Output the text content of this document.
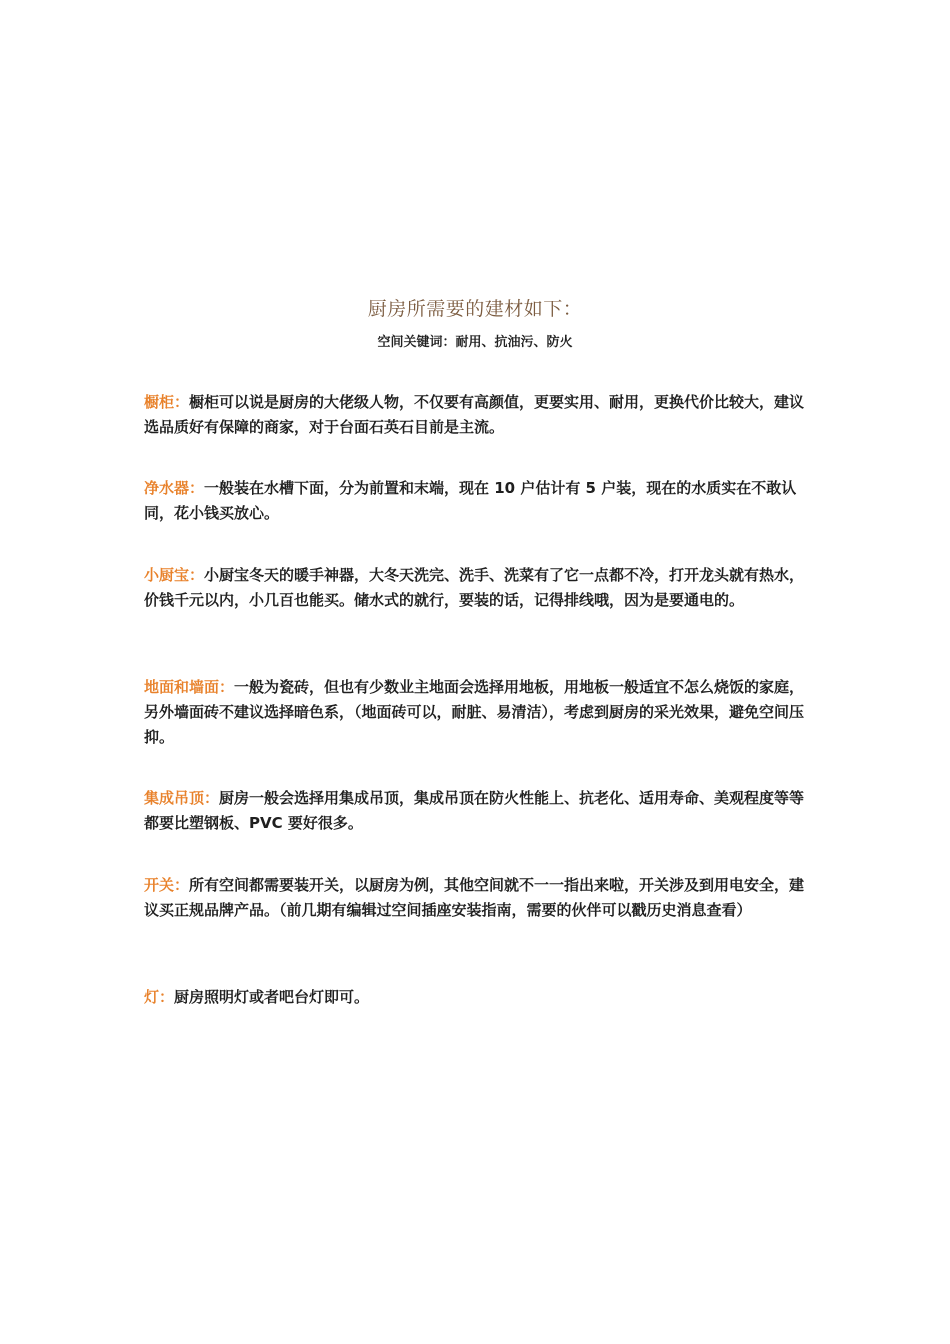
厨房所需要的建材如下：
空间关键词：耐用、抗油污、防火
橱柜：橱柜可以说是厨房的大佬级人物，不仅要有高颜值，更要实用、耐用，更换代价比较大，建议选品质好有保障的商家，对于台面石英石目前是主流。
净水器：一般装在水槽下面，分为前置和末端，现在 10 户估计有 5 户装，现在的水质实在不敢认同，花小钱买放心。
小厨宝：小厨宝冬天的暖手神器，大冬天洗完、洗手、洗菜有了它一点都不冷，打开龙头就有热水，价钱千元以内，小几百也能买。储水式的就行，要装的话，记得排线哦，因为是要通电的。
地面和墙面：一般为瓷砖，但也有少数业主地面会选择用地板，用地板一般适宜不怎么烧饭的家庭，另外墙面砖不建议选择暗色系，（地面砖可以，耐脏、易清洁），考虑到厨房的采光效果，避免空间压抑。
集成吊顶：厨房一般会选择用集成吊顶，集成吊顶在防火性能上、抗老化、适用寿命、美观程度等等都要比塑钢板、PVC 要好很多。
开关：所有空间都需要装开关，以厨房为例，其他空间就不一一指出来啦，开关涉及到用电安全，建议买正规品牌产品。（前几期有编辑过空间插座安装指南，需要的伙伴可以戳历史消息查看）
灯：厨房照明灯或者吧台灯即可。
